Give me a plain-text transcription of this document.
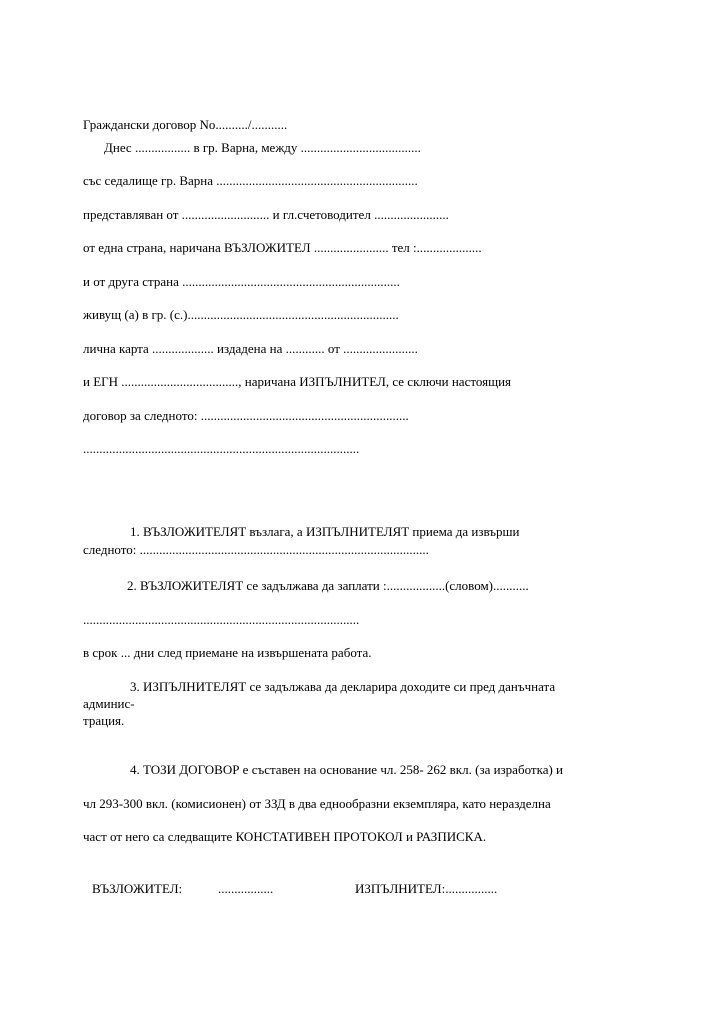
Граждански договор No........../...........
Днес ................. в гр. Варна, между .....................................
със седалище гр. Варна ..............................................................
представляван от ........................... и гл.счетоводител .......................
от една страна, наричана ВЪЗЛОЖИТЕЛ ....................... тел :....................
и от друга страна ...................................................................
живущ (а) в гр. (с.).................................................................
лична карта ................... издадена на ............ от .......................
и ЕГН ...................................., наричана ИЗПЪЛНИТЕЛ, се сключи настоящия
договор за следното: ................................................................
.....................................................................................
1. ВЪЗЛОЖИТЕЛЯТ възлага, а ИЗПЪЛНИТЕЛЯТ приема да извърши
следното: .........................................................................................
2. ВЪЗЛОЖИТЕЛЯТ се задължава да заплати :..................(словом)...........
.....................................................................................
в срок ... дни след приемане на извършената работа.
3. ИЗПЪЛНИТЕЛЯТ се задължава да декларира доходите си пред данъчната
админис-
трация.
4. ТОЗИ ДОГОВОР е съставен на основание чл. 258- 262 вкл. (за изработка) и
чл 293-300 вкл. (комисионен) от ЗЗД в два еднообразни екземпляра, като неразделна
част от него са следващите КОНСТАТИВЕН ПРОТОКОЛ и РАЗПИСКА.
ВЪЗЛОЖИТЕЛ:	.................	ИЗПЪЛНИТЕЛ:................
